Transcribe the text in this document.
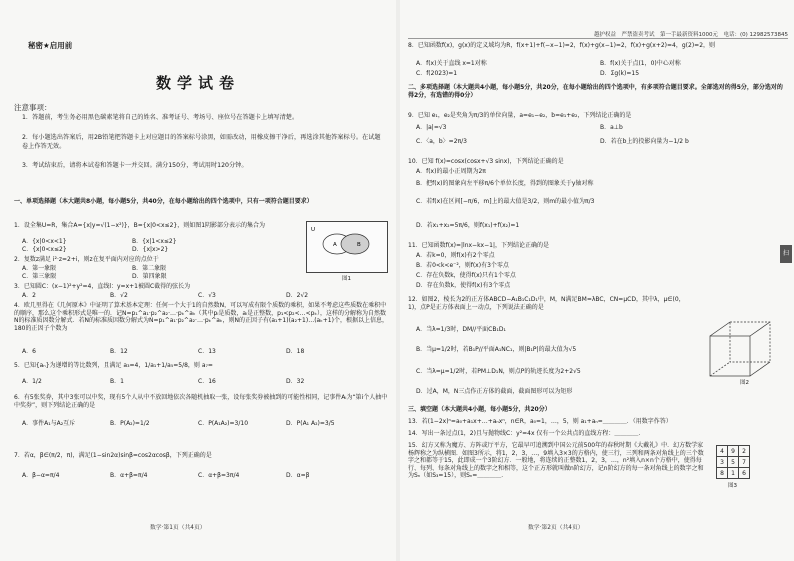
秘密★启用前
数学试卷
注意事项：
1．答题前，考生务必用黑色碳素笔将自己的姓名、准考证号、考场号、座位号在答题卡上填写清楚。
2．每小题选出答案后，用2B铅笔把答题卡上对应题目的答案标号涂黑，如需改动，用橡皮擦干净后，再选涂其他答案标号。在试题卷上作答无效。
3．考试结束后，请将本试卷和答题卡一并交回。满分150分，考试用时120分钟。
一、单项选择题（本大题共8小题，每小题5分，共40分，在每小题给出的四个选项中，只有一项符合题目要求）
1．设全集U=R，集合A={x|y=√(1−x²)}，B={x|0<x≤2}，则如图1阴影部分表示的集合为
A．{x|0<x<1}	B．{x|1<x≤2}
C．{x|0<x≤2}	D．{x|x>2}
U
A	B
图1
2．复数z满足 i²·z=2+i，则z在复平面内对应的点位于
A．第一象限	B．第二象限
C．第三象限	D．第四象限
3．已知圆C：(x−1)²+y²=4，直线l：y=x+1被圆C截得的弦长为
A．2	B．√2	C．√3	D．2√2
4．欧几里得在《几何原本》中证明了算术基本定理：任何一个大于1的自然数N，可以写成有限个质数的乘积，如果不考虑这些质数在乘积中的顺序，那么这个乘积形式是唯一的．记N=p₁^a₁·p₂^a₂·…·pₖ^aₖ（其中pᵢ是质数，aᵢ是正整数，p₁<p₂<…<pₖ），这样的分解称为自然数N的标准质因数分解式．若N的标准质因数分解式为N=p₁^a₁·p₂^a₂·…·pₖ^aₖ，则N的正因子有(a₁+1)(a₂+1)…(aₖ+1)个，根据以上信息，180的正因子个数为
A．6	B．12	C．13	D．18
5．已知{aₙ}为递增的等比数列，且满足 a₃=4，1/a₁+1/a₅=5/8，则 a₇=
A．1/2	B．1	C．16	D．32
6．有5张奖券，其中3张可以中奖，现有5个人从中不放回地依次各随机抽取一张，设每张奖券被抽到的可能性相同，记事件Aᵢ为“第i个人抽中中奖券”，则下列结论正确的是
A．事件A₁与A₂互斥	B．P(A₂)=1/2	C．P(A₁A₂)=3/10	D．P(A₁ A₂)=3/5
7．若α，β∈(π/2，π)，满足(1−sin2α)sinβ=cos2αcosβ，下列正确的是
A．β−α=π/4	B．α+β=π/4	C．α+β=3π/4	D．α=β
数学·第1页（共4页）
越护权益　严禁盗卖考试　第一手最新资料1000元　电话：(0) 12982573845
8．已知函数f(x)，g(x)的定义域均为R，f(x+1)+f(−x−1)=2，f(x)+g(x−1)=2，f(x)+g(x+2)=4，g(2)=2，则
A．f(x)关于直线 x=1对称	B．f(x)关于点(1，0)中心对称
C．f(2023)=1	D．Σg(k)=15
二、多项选择题（本大题共4小题，每小题5分，共20分，在每小题给出的四个选项中，有多项符合题目要求。全部选对的得5分，部分选对的得2分，有选错的得0分）
9．已知 e₁，e₂是夹角为π/3的单位向量，a=e₁−e₂，b=e₁+e₂，下列结论正确的是
A．|a|=√3	B．a⊥b
C．〈a，b〉=2π/3	D．若在b上的投影向量为−1/2 b
10．已知 f(x)=cosx(cosx+√3 sinx)，下列结论正确的是
A．f(x)的最小正周期为2π
B．把f(x)的图象向左平移π/6个单位长度，得到的图象关于y轴对称
C．若f(x)在区间[−π/6，m]上的最大值是3/2，则m的最小值为π/3
D．若x₁+x₂=5π/6，则f(x₁)+f(x₂)=1
11．已知函数f(x)=|lnx−kx−1|，下列结论正确的是
A．若k=0，则f(x)有2个零点
B．若0<k<e⁻²，则f(x)有3个零点
C．存在负数k，使得f(x)只有1个零点
D．存在负数k，使得f(x)有3个零点
12．如图2，棱长为2的正方体ABCD−A₁B₁C₁D₁中，M，N满足BM=λBC，CN=μCD，其中λ，μ∈(0，1)，点P是正方体表面上一动点，下列说法正确的是
A．当λ=1/3时，DM//平面CB₁D₁
B．当μ=1/2时，若B₁P//平面A₁NC₁，则|B₁P|的最大值为√5
C．当λ=μ=1/2时，若PM⊥D₁N，则点P的轨迹长度为2+2√5
D．过A，M，N三点作正方体的截面，截面图形可以为矩形
图2
三、填空题（本大题共4小题，每小题5分，共20分）
13．若(1−2x)ⁿ=a₀+a₁x+…+aₙxⁿ，n∈R，a₀=1，…，5，则 a₁+aₙ=＿＿＿＿．（用数字作答）
14．写出一条过点(1，2)且与抛物线C：y²=4x 仅有一个公共点的直线方程：＿＿＿＿．
15．幻方又称为魔方、方阵或厅平方，它最早可追溯到中国公元前500年的春秋时期《大戴礼》中．幻方数学家杨辉称之为纵横图．如图3所示，将1，2，3，…，9填入3×3的方格内，使三行，三列和两条对角线上的三个数字之和都等于15，此即成一个3阶幻方．一般地，将连续的正整数1，2，3，…，n²填入n×n个方格中，使得每行、每列、每条对角线上的数字之和相等，这个正方形就叫做n阶幻方，记n阶幻方的每一条对角线上的数字之和为Sₙ（如S₃=15），则Sₙ=＿＿＿＿．
数学·第2页（共4页）
4	9	2
3	5	7
8	1	6
图3
扫
